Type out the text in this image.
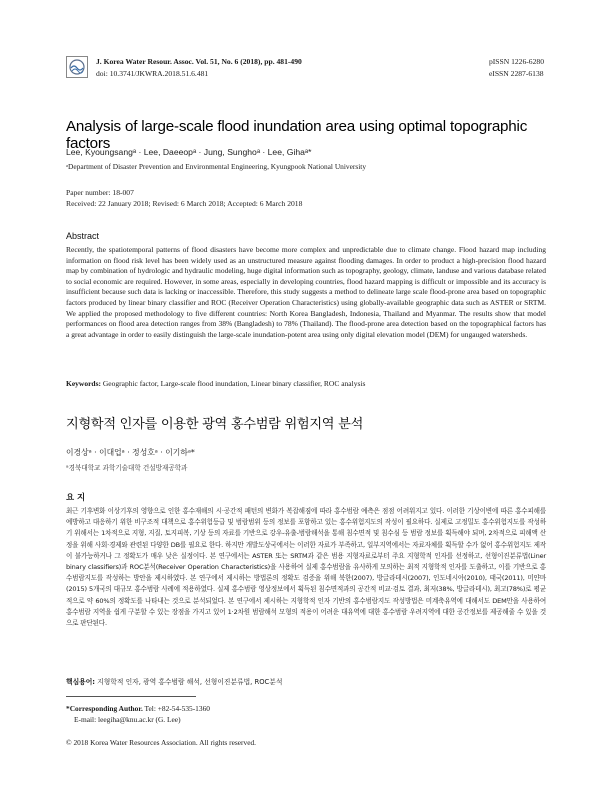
J. Korea Water Resour. Assoc. Vol. 51, No. 6 (2018), pp. 481-490
doi: 10.3741/JKWRA.2018.51.6.481
pISSN 1226-6280
eISSN 2287-6138
Analysis of large-scale flood inundation area using optimal topographic factors
Lee, Kyoungsangᵃ · Lee, Daeeopᵃ · Jung, Sunghoᵃ · Lee, Gihaᵃ*
ᵃDepartment of Disaster Prevention and Environmental Engineering, Kyungpook National University
Paper number: 18-007
Received: 22 January 2018; Revised: 6 March 2018; Accepted: 6 March 2018
Abstract
Recently, the spatiotemporal patterns of flood disasters have become more complex and unpredictable due to climate change. Flood hazard map including information on flood risk level has been widely used as an unstructured measure against flooding damages. In order to product a high-precision flood hazard map by combination of hydrologic and hydraulic modeling, huge digital information such as topography, geology, climate, landuse and various database related to social economic are required. However, in some areas, especially in developing countries, flood hazard mapping is difficult or impossible and its accuracy is insufficient because such data is lacking or inaccessible. Therefore, this study suggests a method to delineate large scale flood-prone area based on topographic factors produced by linear binary classifier and ROC (Receiver Operation Characteristics) using globally-available geographic data such as ASTER or SRTM. We applied the proposed methodology to five different countries: North Korea Bangladesh, Indonesia, Thailand and Myanmar. The results show that model performances on flood area detection ranges from 38% (Bangladesh) to 78% (Thailand). The flood-prone area detection based on the topographical factors has a great advantage in order to easily distinguish the large-scale inundation-potent area using only digital elevation model (DEM) for ungauged watersheds.
Keywords: Geographic factor, Large-scale flood inundation, Linear binary classifier, ROC analysis
지형학적 인자를 이용한 광역 홍수범람 위험지역 분석
이경상ᵃ · 이대업ᵃ · 정성호ᵃ · 이기하ᵃ*
ᵃ경북대학교 과학기술대학 건설방재공학과
요 지
최근 기후변화 이상기후의 영향으로 인한 홍수재해의 시·공간적 패턴의 변화가 복잡해짐에 따라 홍수범람 예측은 점점 어려워지고 있다. 이러한 기상이변에 따른 홍수피해를 예방하고 대응하기 위한 비구조적 대책으로 홍수위험등급 및 범람범위 등의 정보를 포함하고 있는 홍수위험지도의 작성이 필요하다. 실제로 고정밀도 홍수위험지도를 작성하기 위해서는 1차적으로 지형, 지질, 토지피복, 기상 등의 자료를 기반으로 강우-유출-범람해석을 통해 침수면적 및 침수심 등 범람 정보를 획득해야 되며, 2차적으로 피해액 산정을 위해 사회·경제와 관련된 다양한 DB를 필요로 한다. 하지만 개발도상국에서는 이러한 자료가 부족하고, 일부지역에서는 자료자체를 획득할 수가 없어 홍수위험지도 제작이 불가능하거나 그 정확도가 매우 낮은 실정이다. 본 연구에서는 ASTER 또는 SRTM과 같은 범용 지형자료로부터 주요 지형학적 인자를 선정하고, 선형이진분류법(Liner binary classifiers)과 ROC분석(Receiver Operation Characteristics)을 사용하여 실제 홍수범람을 유사하게 모의하는 최적 지형학적 인자를 도출하고, 이를 기반으로 홍수범람지도를 작성하는 방안을 제시하였다. 본 연구에서 제시하는 방법론의 정확도 검증을 위해 북한(2007), 방글라데시(2007), 인도네시아(2010), 태국(2011), 미얀마(2015) 5개국의 대규모 홍수범람 사례에 적용하였다. 실제 홍수범람 영상정보에서 획득된 침수면적과의 공간적 비교·검토 결과, 최저(38%, 방글라데시), 최고(78%)로 평균적으로 약 60%의 정확도를 나타내는 것으로 분석되었다. 본 연구에서 제시하는 지형학적 인자 기반의 홍수범람지도 작성방법은 미계축유역에 대해서도 DEM만을 사용하여 홍수범람 지역을 쉽게 구분할 수 있는 장점을 가지고 있어 1·2차원 범람해석 모형의 적용이 어려운 대유역에 대한 홍수범람 우려지역에 대한 공간정보를 제공해줄 수 있을 것으로 판단된다.
핵심용어: 지형학적 인자, 광역 홍수범람 해석, 선형이진분류법, ROC분석
*Corresponding Author. Tel: +82-54-535-1360
E-mail: leegiha@knu.ac.kr (G. Lee)
© 2018 Korea Water Resources Association. All rights reserved.
